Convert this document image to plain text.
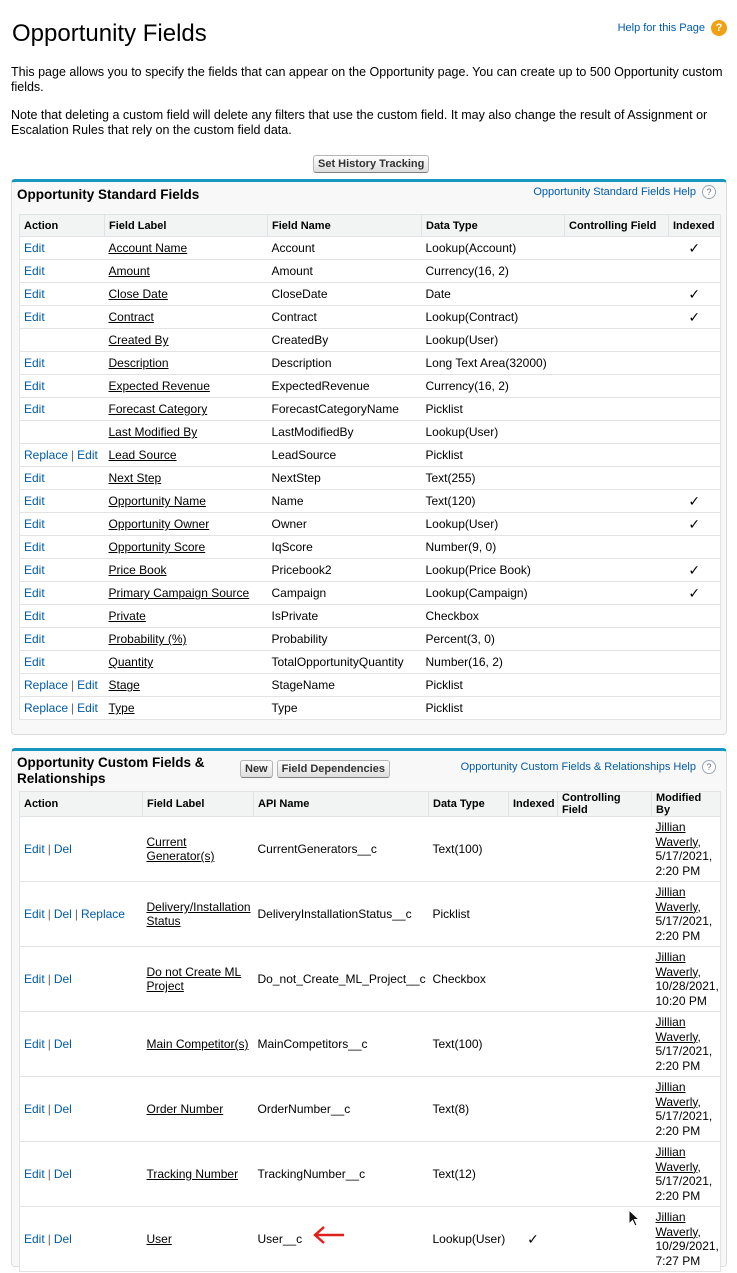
Opportunity Fields	Help for this Page ?

This page allows you to specify the fields that can appear on the Opportunity page. You can create up to 500 Opportunity custom fields.

Note that deleting a custom field will delete any filters that use the custom field. It may also change the result of Assignment or Escalation Rules that rely on the custom field data.

Set History Tracking
Opportunity Standard Fields	Opportunity Standard Fields Help	?
Action	Field Label	Field Name	Data Type	Controlling Field	Indexed
Edit	Account Name	Account	Lookup(Account)		✓
Edit	Amount	Amount	Currency(16, 2)		
Edit	Close Date	CloseDate	Date		✓
Edit	Contract	Contract	Lookup(Contract)		✓
	Created By	CreatedBy	Lookup(User)		
Edit	Description	Description	Long Text Area(32000)		
Edit	Expected Revenue	ExpectedRevenue	Currency(16, 2)		
Edit	Forecast Category	ForecastCategoryName	Picklist		
	Last Modified By	LastModifiedBy	Lookup(User)		
Replace | Edit	Lead Source	LeadSource	Picklist		
Edit	Next Step	NextStep	Text(255)		
Edit	Opportunity Name	Name	Text(120)		✓
Edit	Opportunity Owner	Owner	Lookup(User)		✓
Edit	Opportunity Score	IqScore	Number(9, 0)		
Edit	Price Book	Pricebook2	Lookup(Price Book)		✓
Edit	Primary Campaign Source	Campaign	Lookup(Campaign)		✓
Edit	Private	IsPrivate	Checkbox		
Edit	Probability (%)	Probability	Percent(3, 0)		
Edit	Quantity	TotalOpportunityQuantity	Number(16, 2)		
Replace | Edit	Stage	StageName	Picklist		
Replace | Edit	Type	Type	Picklist		
Opportunity Custom Fields & Relationships
New	Field Dependencies	Opportunity Custom Fields & Relationships Help	?
Action	Field Label	API Name	Data Type	Indexed	Controlling Field	Modified By
Edit | Del	Current Generator(s)	CurrentGenerators__c	Text(100)			Jillian Waverly, 5/17/2021, 2:20 PM
Edit | Del | Replace	Delivery/Installation Status	DeliveryInstallationStatus__c	Picklist			Jillian Waverly, 5/17/2021, 2:20 PM
Edit | Del	Do not Create ML Project	Do_not_Create_ML_Project__c	Checkbox			Jillian Waverly, 10/28/2021, 10:20 PM
Edit | Del	Main Competitor(s)	MainCompetitors__c	Text(100)			Jillian Waverly, 5/17/2021, 2:20 PM
Edit | Del	Order Number	OrderNumber__c	Text(8)			Jillian Waverly, 5/17/2021, 2:20 PM
Edit | Del	Tracking Number	TrackingNumber__c	Text(12)			Jillian Waverly, 5/17/2021, 2:20 PM
Edit | Del	User	User__c	Lookup(User)	✓		Jillian Waverly, 10/29/2021, 7:27 PM
